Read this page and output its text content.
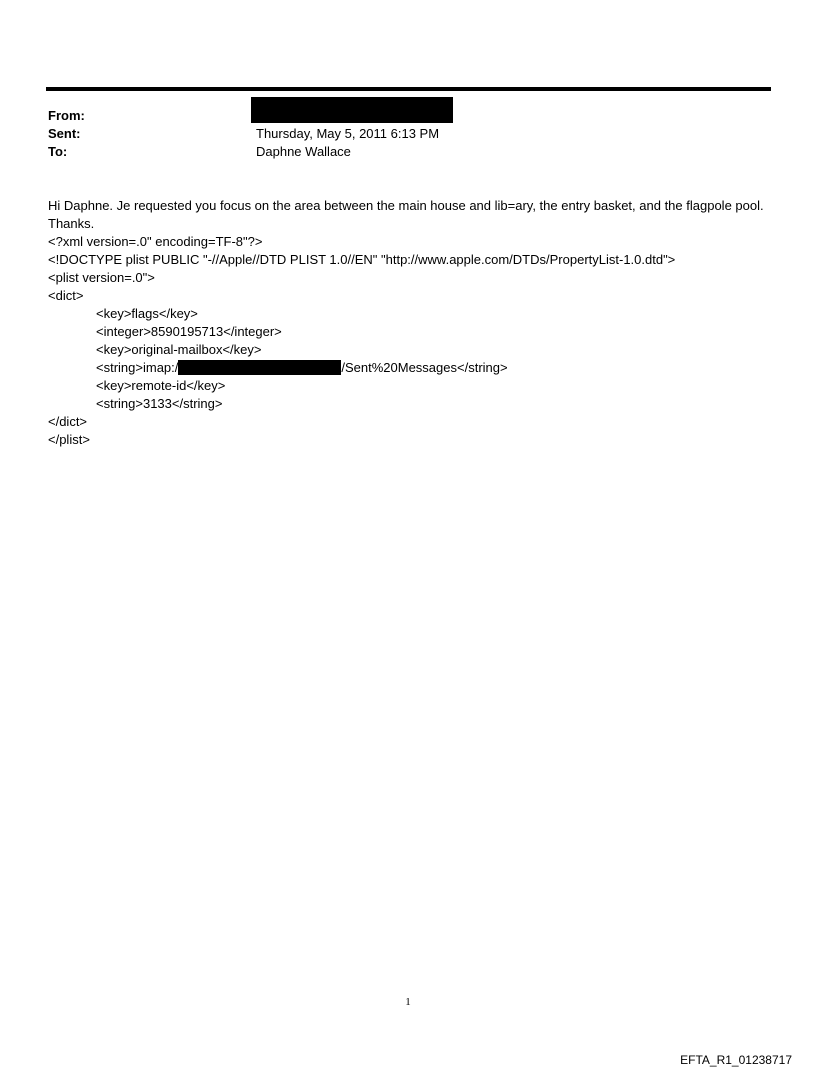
From:
Sent:	Thursday, May 5, 2011 6:13 PM
To:	Daphne Wallace
Hi Daphne. Je requested you focus on the area between the main house and lib=ary, the entry basket, and the flagpole pool. Thanks.
<?xml version=.0" encoding=TF-8"?>
<!DOCTYPE plist PUBLIC "-//Apple//DTD PLIST 1.0//EN" "http://www.apple.com/DTDs/PropertyList-1.0.dtd">
<plist version=.0">
<dict>
<key>flags</key>
<integer>8590195713</integer>
<key>original-mailbox</key>
<string>imap:/	/Sent%20Messages</string>
<key>remote-id</key>
<string>3133</string>
</dict>
</plist>
1
EFTA_R1_01238717
